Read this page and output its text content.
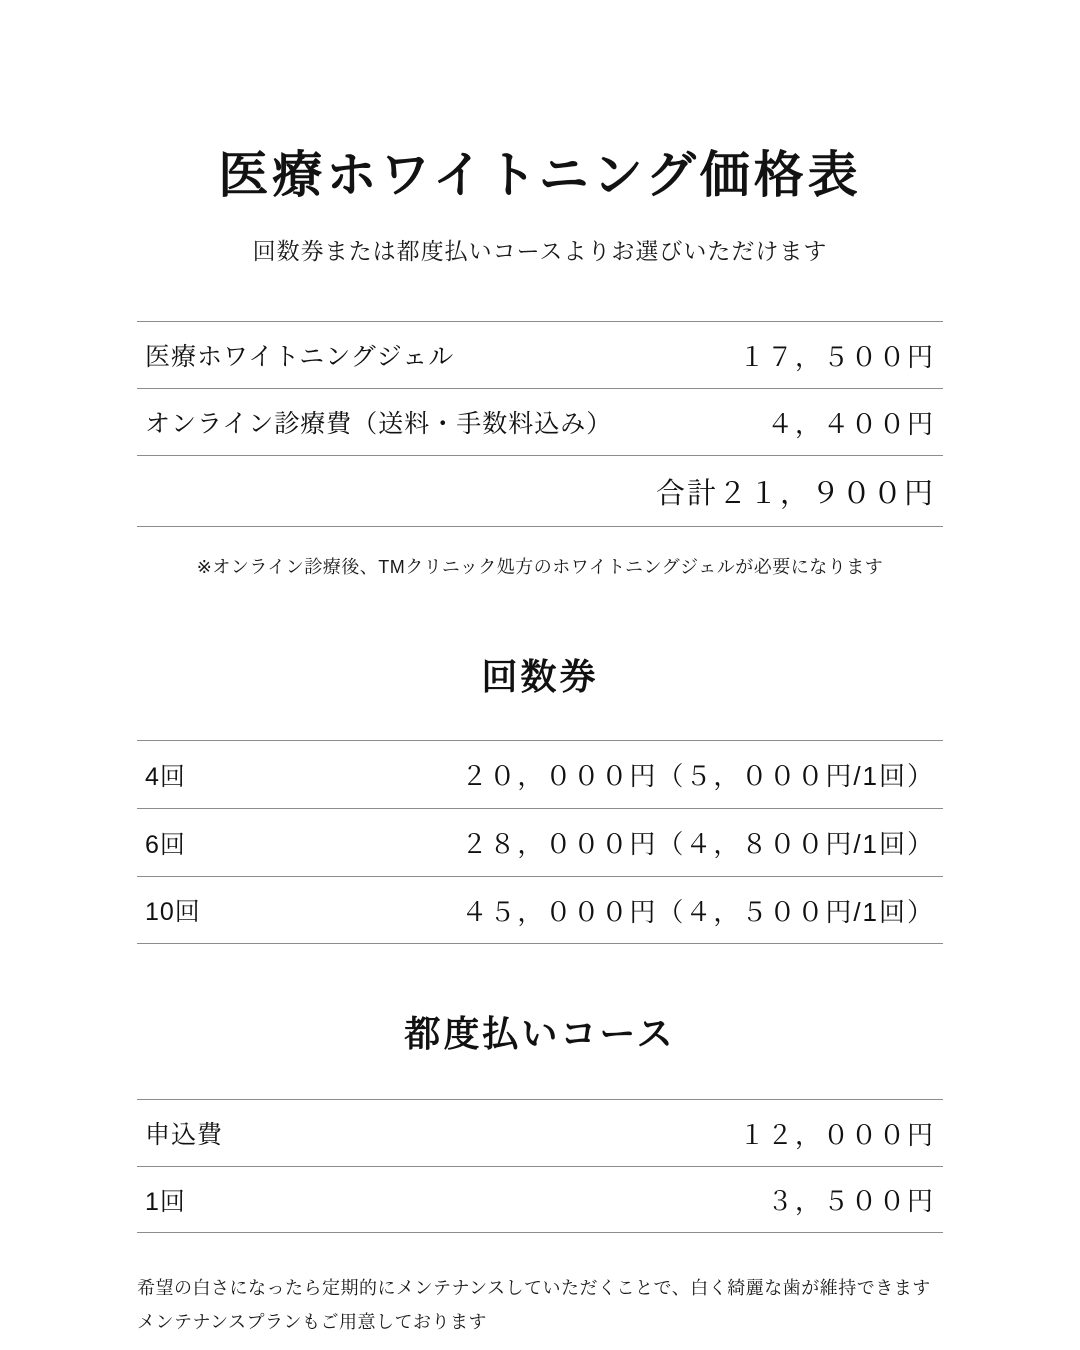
医療ホワイトニング価格表

回数券または都度払いコースよりお選びいただけます

医療ホワイトニングジェル	１７，５００円
オンライン診療費（送料・手数料込み）	４，４００円
合計２１，９００円

※オンライン診療後、TMクリニック処方のホワイトニングジェルが必要になります

回数券
4回	２０，０００円（５，０００円/1回）
6回	２８，０００円（４，８００円/1回）
10回	４５，０００円（４，５００円/1回）
都度払いコース
申込費	１２，０００円
1回	３，５００円
希望の白さになったら定期的にメンテナンスしていただくことで、白く綺麗な歯が維持できます
メンテナンスプランもご用意しております
